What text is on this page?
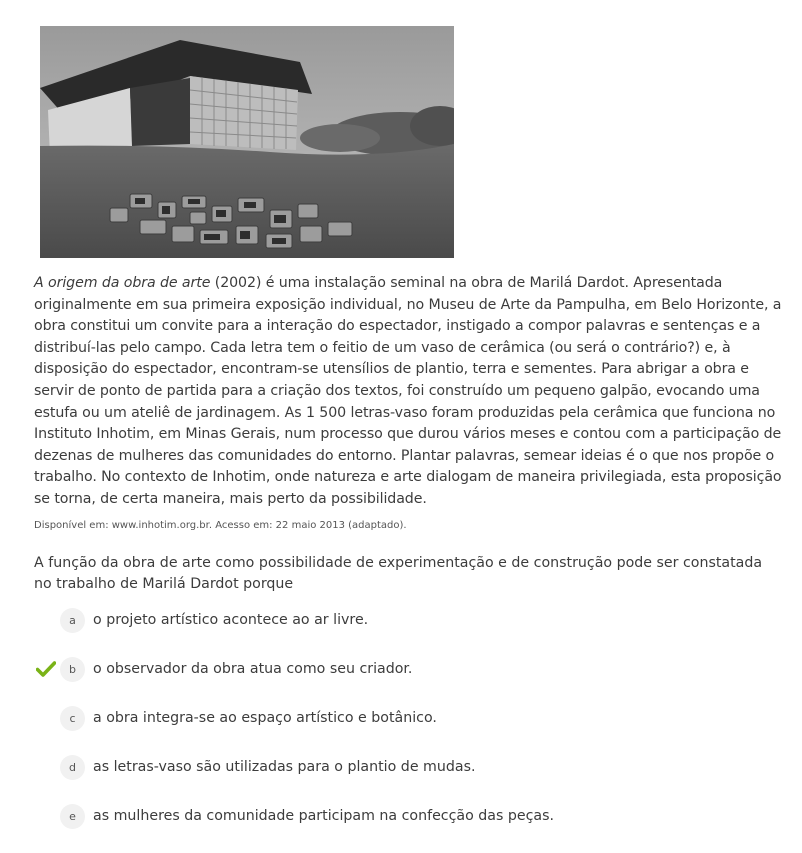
A origem da obra de arte (2002) é uma instalação seminal na obra de Marilá Dardot. Apresentada originalmente em sua primeira exposição individual, no Museu de Arte da Pampulha, em Belo Horizonte, a obra constitui um convite para a interação do espectador, instigado a compor palavras e sentenças e a distribuí-las pelo campo. Cada letra tem o feitio de um vaso de cerâmica (ou será o contrário?) e, à disposição do espectador, encontram-se utensílios de plantio, terra e sementes. Para abrigar a obra e servir de ponto de partida para a criação dos textos, foi construído um pequeno galpão, evocando uma estufa ou um ateliê de jardinagem. As 1 500 letras-vaso foram produzidas pela cerâmica que funciona no Instituto Inhotim, em Minas Gerais, num processo que durou vários meses e contou com a participação de dezenas de mulheres das comunidades do entorno. Plantar palavras, semear ideias é o que nos propõe o trabalho. No contexto de Inhotim, onde natureza e arte dialogam de maneira privilegiada, esta proposição se torna, de certa maneira, mais perto da possibilidade.
Disponível em: www.inhotim.org.br. Acesso em: 22 maio 2013 (adaptado).
A função da obra de arte como possibilidade de experimentação e de construção pode ser constatada no trabalho de Marilá Dardot porque
a	o projeto artístico acontece ao ar livre.
b	o observador da obra atua como seu criador.
c	a obra integra-se ao espaço artístico e botânico.
d	as letras-vaso são utilizadas para o plantio de mudas.
e	as mulheres da comunidade participam na confecção das peças.
